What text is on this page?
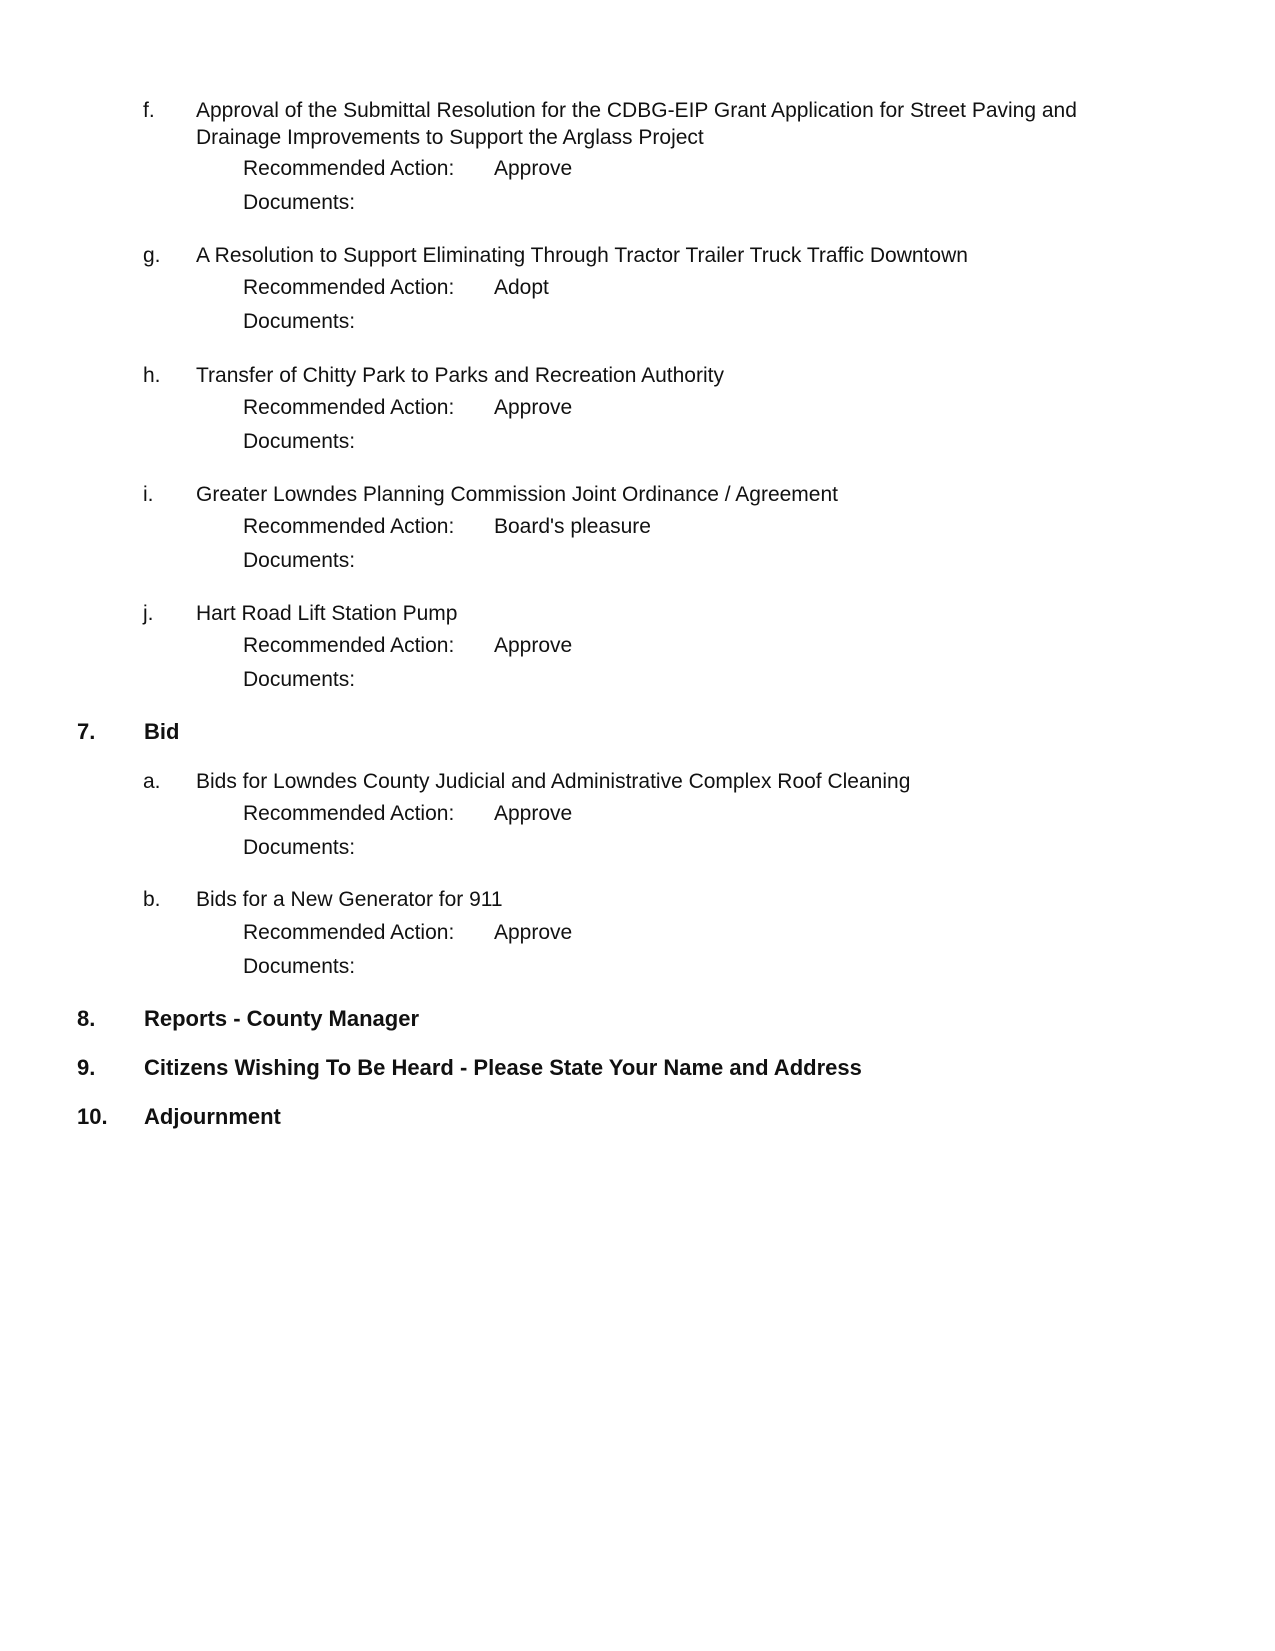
f. Approval of the Submittal Resolution for the CDBG-EIP Grant Application for Street Paving and
Drainage Improvements to Support the Arglass Project
Recommended Action: Approve
Documents:
g. A Resolution to Support Eliminating Through Tractor Trailer Truck Traffic Downtown
Recommended Action: Adopt
Documents:
h. Transfer of Chitty Park to Parks and Recreation Authority
Recommended Action: Approve
Documents:
i. Greater Lowndes Planning Commission Joint Ordinance / Agreement
Recommended Action: Board's pleasure
Documents:
j. Hart Road Lift Station Pump
Recommended Action: Approve
Documents:
7. Bid
a. Bids for Lowndes County Judicial and Administrative Complex Roof Cleaning
Recommended Action: Approve
Documents:
b. Bids for a New Generator for 911
Recommended Action: Approve
Documents:
8. Reports - County Manager
9. Citizens Wishing To Be Heard - Please State Your Name and Address
10. Adjournment
